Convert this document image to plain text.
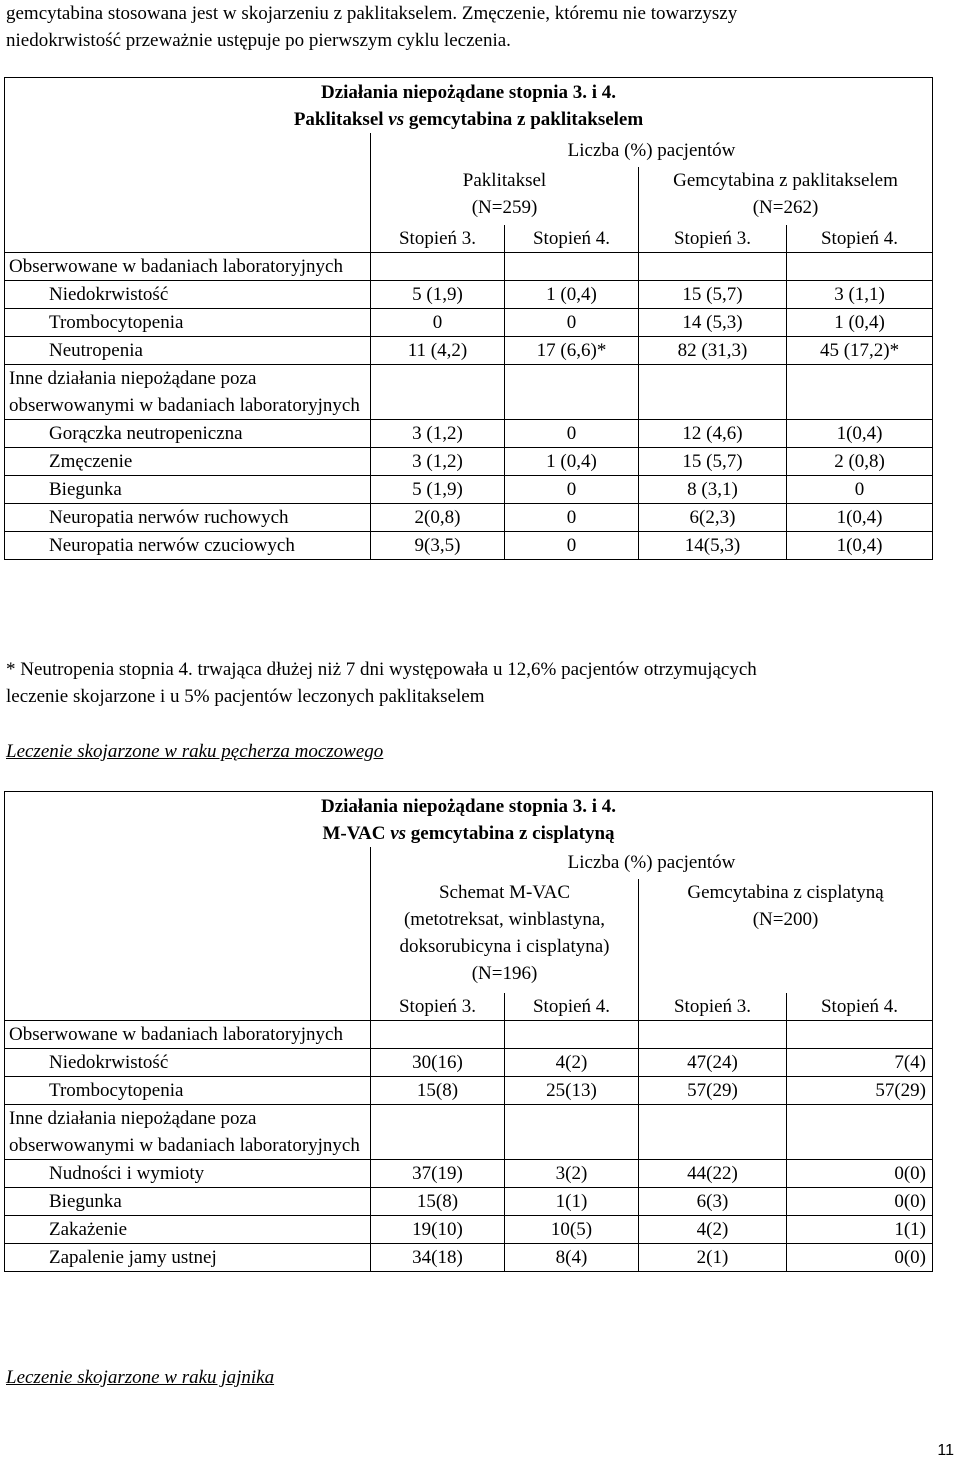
gemcytabina stosowana jest w skojarzeniu z paklitakselem. Zmęczenie, któremu nie towarzyszy

niedokrwistość przeważnie ustępuje po pierwszym cyklu leczenia.

Działania niepożądane stopnia 3. i 4.
Paklitaksel vs gemcytabina z paklitakselem				

	Liczba (%) pacjentów			
	Paklitaksel
(N=259)		Gemcytabina z paklitakselem
(N=262)	

	Stopień 3.	Stopień 4.	Stopień 3.	Stopień 4.
Obserwowane w badaniach laboratoryjnych				
Niedokrwistość	5 (1,9)	1 (0,4)	15 (5,7)	3 (1,1)
Trombocytopenia	0	0	14 (5,3)	1 (0,4)
Neutropenia	11 (4,2)	17 (6,6)*	82 (31,3)	45 (17,2)*
Inne działania niepożądane poza obserwowanymi w badaniach laboratoryjnych				
Gorączka neutropeniczna	3 (1,2)	0	12 (4,6)	1(0,4)
Zmęczenie	3 (1,2)	1 (0,4)	15 (5,7)	2 (0,8)
Biegunka	5 (1,9)	0	8 (3,1)	0
Neuropatia nerwów ruchowych	2(0,8)	0	6(2,3)	1(0,4)
Neuropatia nerwów czuciowych	9(3,5)	0	14(5,3)	1(0,4)

* Neutropenia stopnia 4. trwająca dłużej niż 7 dni występowała u 12,6% pacjentów otrzymujących

leczenie skojarzone i u 5% pacjentów leczonych paklitakselem

Leczenie skojarzone w raku pęcherza moczowego
Działania niepożądane stopnia 3. i 4.
M-VAC vs gemcytabina z cisplatyną				

	Liczba (%) pacjentów			
	Schemat M-VAC
(metotreksat, winblastyna,
doksorubicyna i cisplatyna)
(N=196)		Gemcytabina z cisplatyną
(N=200)	

	Stopień 3.	Stopień 4.	Stopień 3.	Stopień 4.
Obserwowane w badaniach laboratoryjnych				
Niedokrwistość	30(16)	4(2)	47(24)	7(4)
Trombocytopenia	15(8)	25(13)	57(29)	57(29)
Inne działania niepożądane poza obserwowanymi w badaniach laboratoryjnych				
Nudności i wymioty	37(19)	3(2)	44(22)	0(0)
Biegunka	15(8)	1(1)	6(3)	0(0)
Zakażenie	19(10)	10(5)	4(2)	1(1)
Zapalenie jamy ustnej	34(18)	8(4)	2(1)	0(0)
Leczenie skojarzone w raku jajnika
11
